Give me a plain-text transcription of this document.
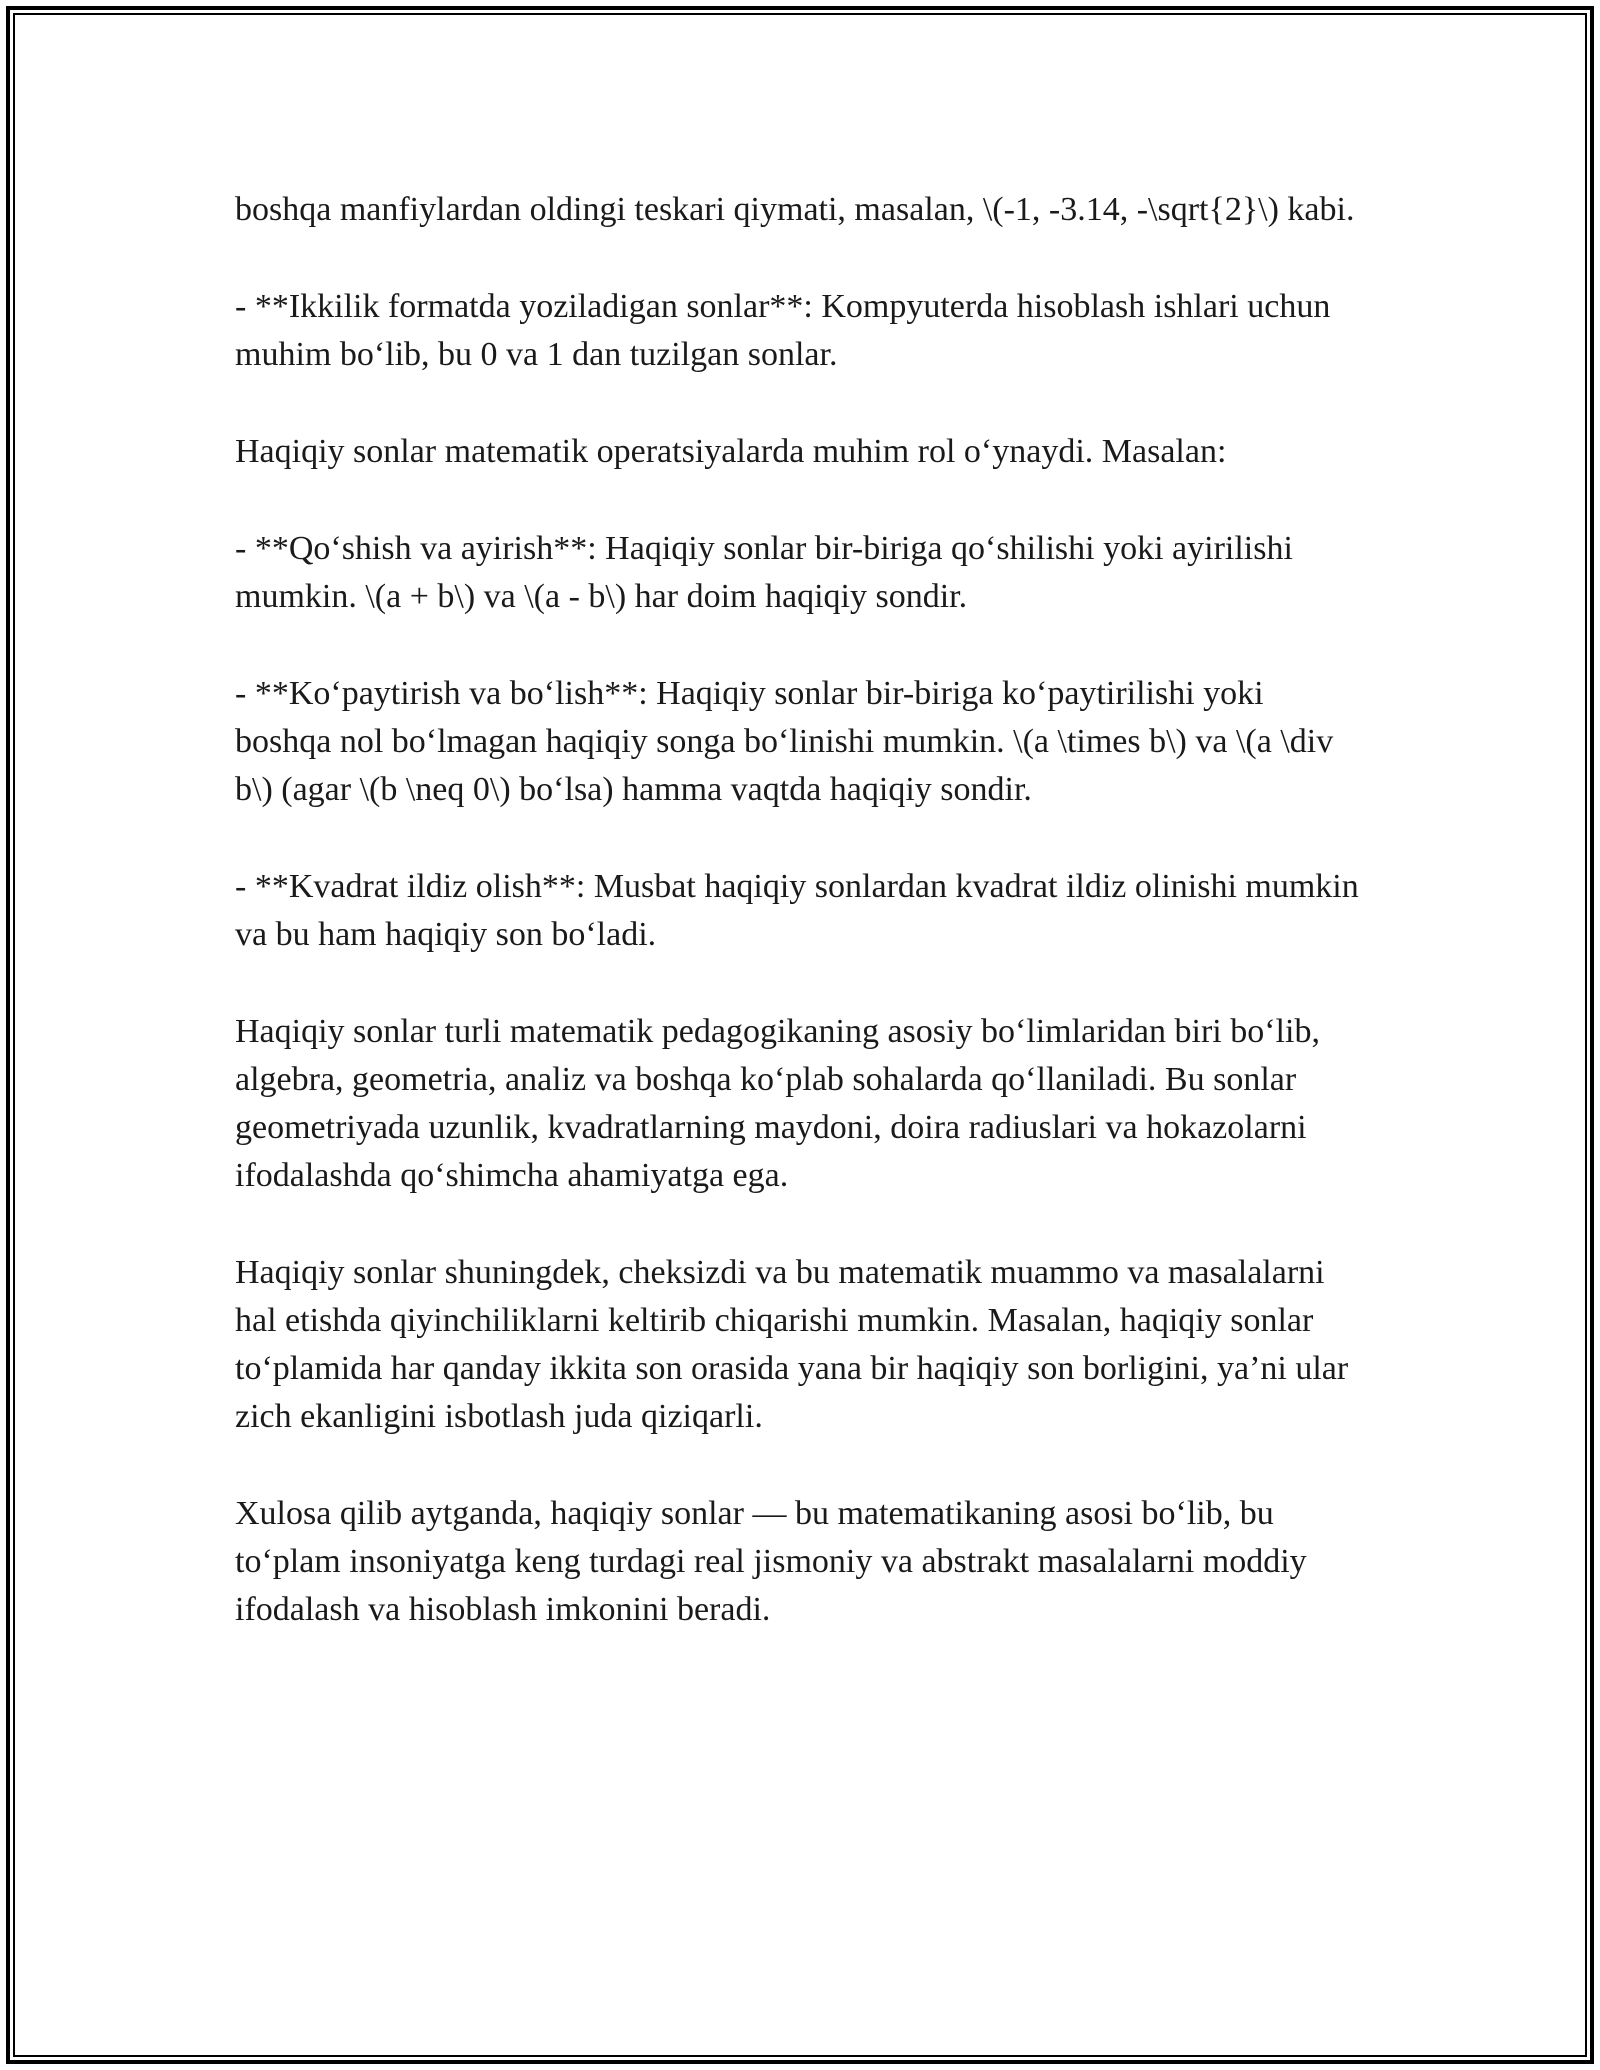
boshqa manfiylardan oldingi teskari qiymati, masalan, \(-1, -3.14, -\sqrt{2}\) kabi.

- **Ikkilik formatda yoziladigan sonlar**: Kompyuterda hisoblash ishlari uchun muhim bo‘lib, bu 0 va 1 dan tuzilgan sonlar.

Haqiqiy sonlar matematik operatsiyalarda muhim rol o‘ynaydi. Masalan:

- **Qo‘shish va ayirish**: Haqiqiy sonlar bir-biriga qo‘shilishi yoki ayirilishi mumkin. \(a + b\) va \(a - b\) har doim haqiqiy sondir.

- **Ko‘paytirish va bo‘lish**: Haqiqiy sonlar bir-biriga ko‘paytirilishi yoki boshqa nol bo‘lmagan haqiqiy songa bo‘linishi mumkin. \(a \times b\) va \(a \div b\) (agar \(b \neq 0\) bo‘lsa) hamma vaqtda haqiqiy sondir.

- **Kvadrat ildiz olish**: Musbat haqiqiy sonlardan kvadrat ildiz olinishi mumkin va bu ham haqiqiy son bo‘ladi.

Haqiqiy sonlar turli matematik pedagogikaning asosiy bo‘limlaridan biri bo‘lib, algebra, geometria, analiz va boshqa ko‘plab sohalarda qo‘llaniladi. Bu sonlar geometriyada uzunlik, kvadratlarning maydoni, doira radiuslari va hokazolarni ifodalashda qo‘shimcha ahamiyatga ega.

Haqiqiy sonlar shuningdek, cheksizdi va bu matematik muammo va masalalarni hal etishda qiyinchiliklarni keltirib chiqarishi mumkin. Masalan, haqiqiy sonlar to‘plamida har qanday ikkita son orasida yana bir haqiqiy son borligini, ya’ni ular zich ekanligini isbotlash juda qiziqarli.

Xulosa qilib aytganda, haqiqiy sonlar — bu matematikaning asosi bo‘lib, bu to‘plam insoniyatga keng turdagi real jismoniy va abstrakt masalalarni moddiy ifodalash va hisoblash imkonini beradi.
